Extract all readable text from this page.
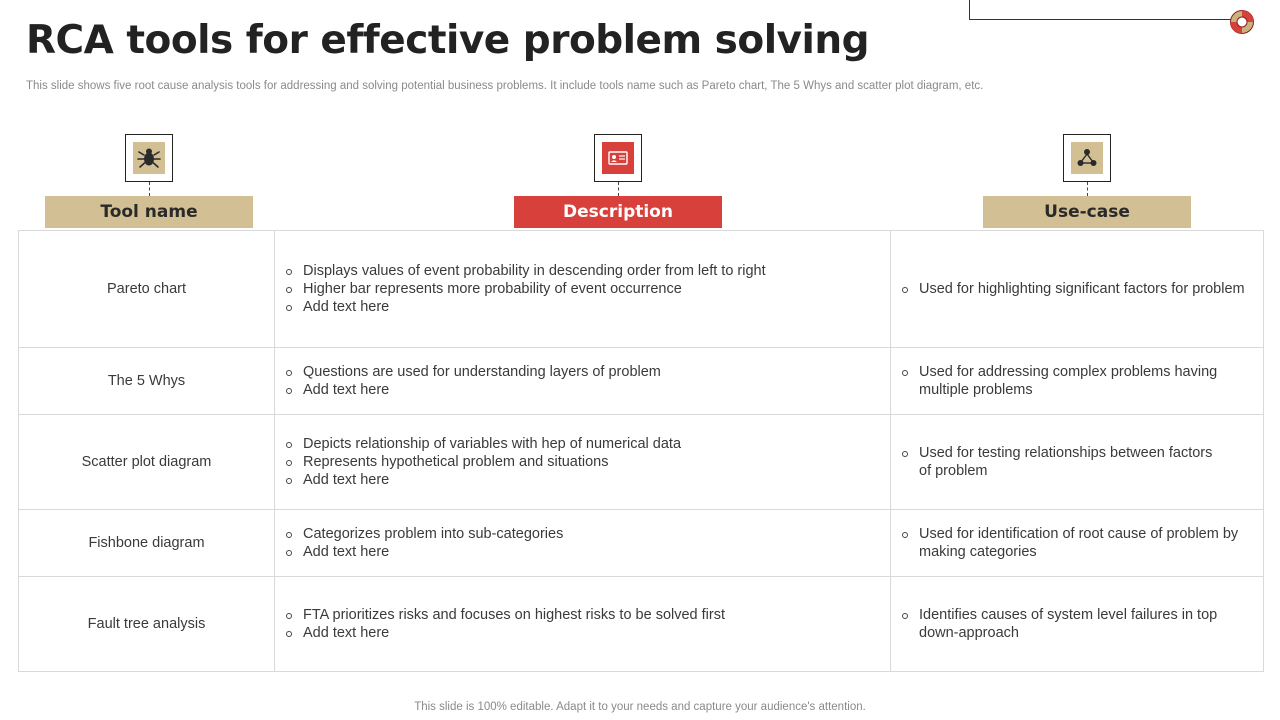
RCA tools for effective problem solving
This slide shows five root cause analysis tools for addressing and solving potential business problems. It include tools name such as Pareto chart, The 5 Whys and scatter plot diagram, etc.
Tool name	Description	Use-case
Pareto chart
Displays values of event probability in descending order from left to right
Higher bar represents more probability of event occurrence
Add text here
Used for highlighting significant factors for problem
The 5 Whys
Questions are used for understanding layers of problem
Add text here
Used for addressing complex problems having multiple problems
Scatter plot diagram
Depicts relationship of variables with hep of numerical data
Represents hypothetical problem and situations
Add text here
Used for testing relationships between factors of problem
Fishbone diagram
Categorizes problem into sub-categories
Add text here
Used for identification of root cause of problem by making categories
Fault tree analysis
FTA prioritizes risks and focuses on highest risks to be solved first
Add text here
Identifies causes of system level failures in top down-approach
This slide is 100% editable. Adapt it to your needs and capture your audience's attention.
